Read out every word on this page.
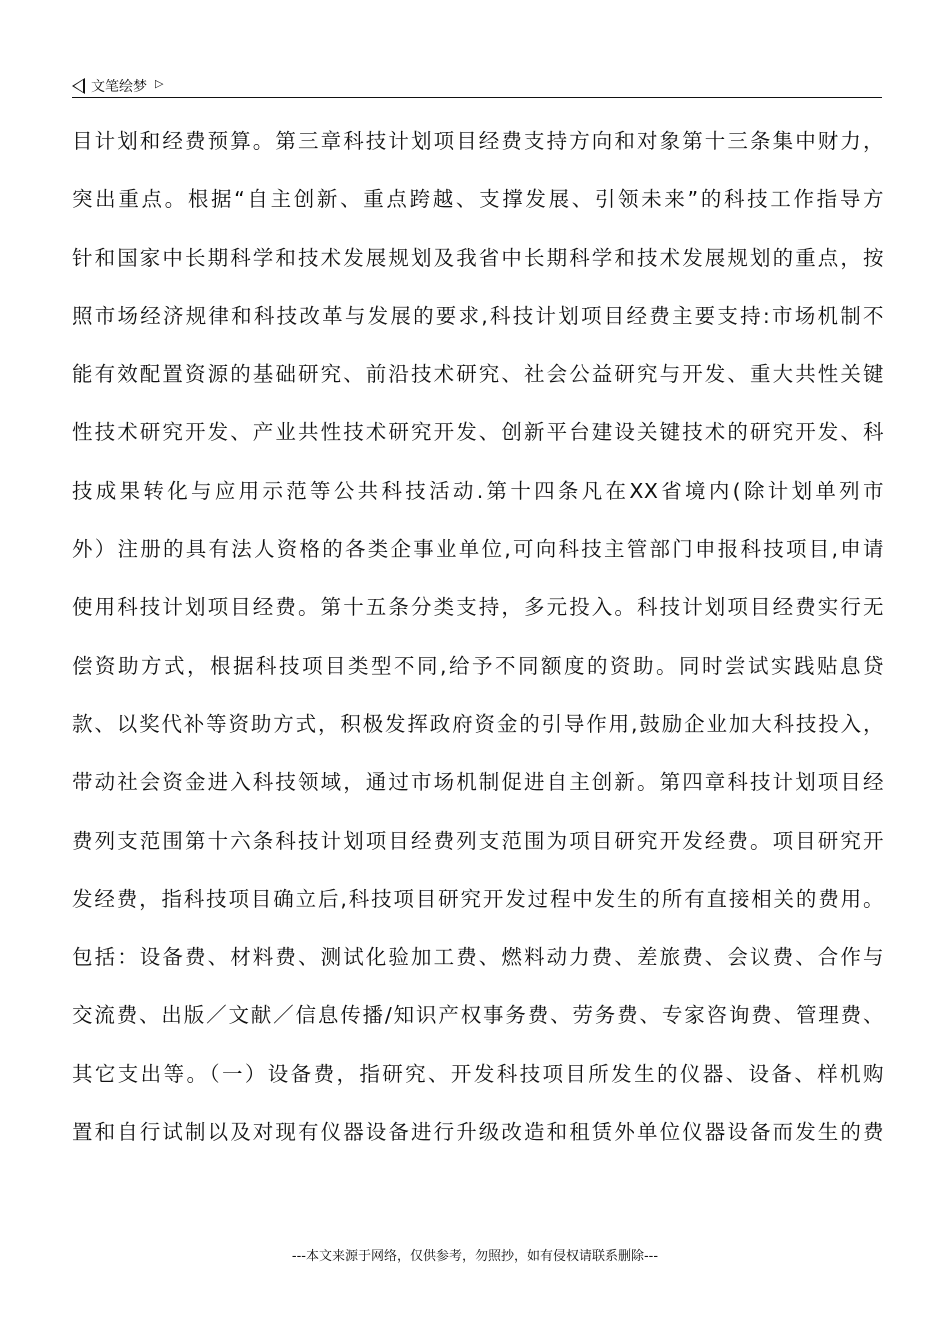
文笔绘梦 ▷
目计划和经费预算。第三章科技计划项目经费支持方向和对象第十三条集中财力，
突出重点。根据“自主创新、重点跨越、支撑发展、引领未来”的科技工作指导方
针和国家中长期科学和技术发展规划及我省中长期科学和技术发展规划的重点，按
照市场经济规律和科技改革与发展的要求,科技计划项目经费主要支持:市场机制不
能有效配置资源的基础研究、前沿技术研究、社会公益研究与开发、重大共性关键
性技术研究开发、产业共性技术研究开发、创新平台建设关键技术的研究开发、科
技成果转化与应用示范等公共科技活动.第十四条凡在XX省境内(除计划单列市
外）注册的具有法人资格的各类企事业单位,可向科技主管部门申报科技项目,申请
使用科技计划项目经费。第十五条分类支持，多元投入。科技计划项目经费实行无
偿资助方式，根据科技项目类型不同,给予不同额度的资助。同时尝试实践贴息贷
款、以奖代补等资助方式，积极发挥政府资金的引导作用,鼓励企业加大科技投入，
带动社会资金进入科技领域，通过市场机制促进自主创新。第四章科技计划项目经
费列支范围第十六条科技计划项目经费列支范围为项目研究开发经费。项目研究开
发经费，指科技项目确立后,科技项目研究开发过程中发生的所有直接相关的费用。
包括：设备费、材料费、测试化验加工费、燃料动力费、差旅费、会议费、合作与
交流费、出版／文献／信息传播/知识产权事务费、劳务费、专家咨询费、管理费、
其它支出等。（一）设备费，指研究、开发科技项目所发生的仪器、设备、样机购
置和自行试制以及对现有仪器设备进行升级改造和租赁外单位仪器设备而发生的费
---本文来源于网络，仅供参考，勿照抄，如有侵权请联系删除---
